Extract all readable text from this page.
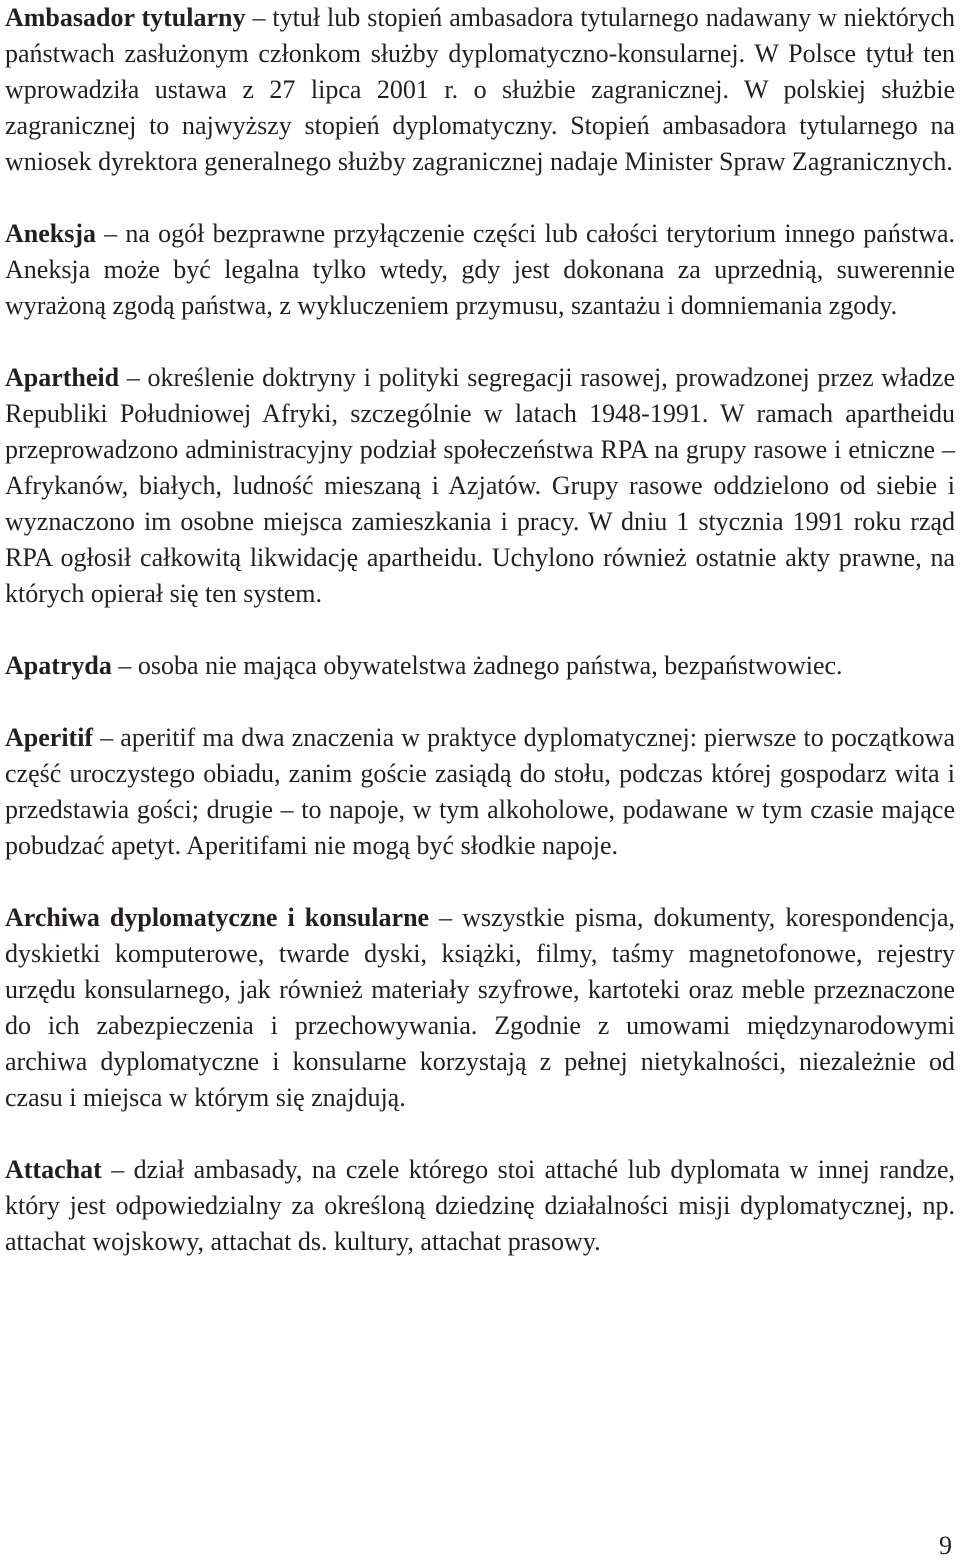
Ambasador tytularny – tytuł lub stopień ambasadora tytularnego nadawany w niektórych państwach zasłużonym członkom służby dyplomatyczno-konsularnej. W Polsce tytuł ten wprowadziła ustawa z 27 lipca 2001 r. o służbie zagranicznej. W polskiej służbie zagranicznej to najwyższy stopień dyplomatyczny. Stopień ambasadora tytularnego na wniosek dyrektora generalnego służby zagranicznej nadaje Minister Spraw Zagranicznych.

Aneksja – na ogół bezprawne przyłączenie części lub całości terytorium innego państwa. Aneksja może być legalna tylko wtedy, gdy jest dokonana za uprzednią, suwerennie wyrażoną zgodą państwa, z wykluczeniem przymusu, szantażu i domniemania zgody.

Apartheid – określenie doktryny i polityki segregacji rasowej, prowadzonej przez władze Republiki Południowej Afryki, szczególnie w latach 1948-1991. W ramach apartheidu przeprowadzono administracyjny podział społeczeństwa RPA na grupy rasowe i etniczne – Afrykanów, białych, ludność mieszaną i Azjatów. Grupy rasowe oddzielono od siebie i wyznaczono im osobne miejsca zamieszkania i pracy. W dniu 1 stycznia 1991 roku rząd RPA ogłosił całkowitą likwidację apartheidu. Uchylono również ostatnie akty prawne, na których opierał się ten system.

Apatryda – osoba nie mająca obywatelstwa żadnego państwa, bezpaństwowiec.

Aperitif – aperitif ma dwa znaczenia w praktyce dyplomatycznej: pierwsze to początkowa część uroczystego obiadu, zanim goście zasiądą do stołu, podczas której gospodarz wita i przedstawia gości; drugie – to napoje, w tym alkoholowe, podawane w tym czasie mające pobudzać apetyt. Aperitifami nie mogą być słodkie napoje.

Archiwa dyplomatyczne i konsularne – wszystkie pisma, dokumenty, korespondencja, dyskietki komputerowe, twarde dyski, książki, filmy, taśmy magnetofonowe, rejestry urzędu konsularnego, jak również materiały szyfrowe, kartoteki oraz meble przeznaczone do ich zabezpieczenia i przechowywania. Zgodnie z umowami międzynarodowymi archiwa dyplomatyczne i konsularne korzystają z pełnej nietykalności, niezależnie od czasu i miejsca w którym się znajdują.

Attachat – dział ambasady, na czele którego stoi attaché lub dyplomata w innej randze, który jest odpowiedzialny za określoną dziedzinę działalności misji dyplomatycznej, np. attachat wojskowy, attachat ds. kultury, attachat prasowy.

9
